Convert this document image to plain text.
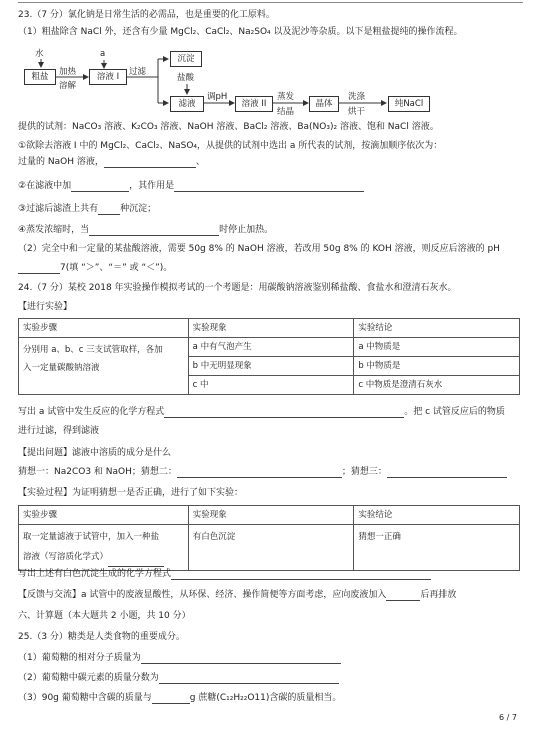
23.（7 分）氯化钠是日常生活的必需品，也是重要的化工原料。
（1）粗盐除含 NaCl 外，还含有少量 MgCl₂、CaCl₂、Na₂SO₄ 以及泥沙等杂质。以下是粗盐提纯的操作流程。
水	a
粗盐	加热
溶解
溶液 I	过滤
沉淀
盐酸
滤液
调pH
溶液 II
蒸发
结晶
晶体
洗涤
烘干
纯NaCl
提供的试剂：NaCO₃ 溶液、K₂CO₃ 溶液、NaOH 溶液、BaCl₂ 溶液、Ba(NO₃)₂ 溶液、饱和 NaCl 溶液。
①欲除去溶液 I 中的 MgCl₂、CaCl₂、NaSO₄，从提供的试剂中选出 a 所代表的试剂，按滴加顺序依次为：
过量的 NaOH 溶液，	、
②在滤液中加	，其作用是
③过滤后滤渣上共有 种沉淀；
④蒸发浓缩时，当	时停止加热。
（2）完全中和一定量的某盐酸溶液，需要 50g 8% 的 NaOH 溶液，若改用 50g 8% 的 KOH 溶液，则反应后溶液的 pH
7(填 “＞”、“＝” 或 “＜”)。
24.（7 分）某校 2018 年实验操作模拟考试的一个考题是：用碳酸钠溶液鉴别稀盐酸、食盐水和澄清石灰水。
【进行实验】
实验步骤	实验现象	实验结论

分别用 a、b、c 三支试管取样，各加
入一定量碳酸钠溶液	a 中有气泡产生	a 中物质是
	b 中无明显现象	b 中物质是
	c 中	c 中物质是澄清石灰水
写出 a 试管中发生反应的化学方程式	。把 c 试管反应后的物质
进行过滤，得到滤液
【提出问题】滤液中溶质的成分是什么
猜想一：Na2CO3 和 NaOH；猜想二：	；猜想三：
【实验过程】为证明猜想一是否正确，进行了如下实验：
实验步骤	实验现象	实验结论

取一定量滤液于试管中，加入一种盐
溶液（写溶质化学式）	有白色沉淀	猜想一正确
写出上述有白色沉淀生成的化学方程式
【反馈与交流】a 试管中的废液显酸性，从环保、经济、操作简便等方面考虑，应向废液加入	后再排放
六、计算题（本大题共 2 小题，共 10 分）
25.（3 分）糖类是人类食物的重要成分。
（1）葡萄糖的相对分子质量为
（2）葡萄糖中碳元素的质量分数为
（3）90g 葡萄糖中含碳的质量与	g 蔗糖(C₁₂H₂₂O11)含碳的质量相当。
6 / 7
